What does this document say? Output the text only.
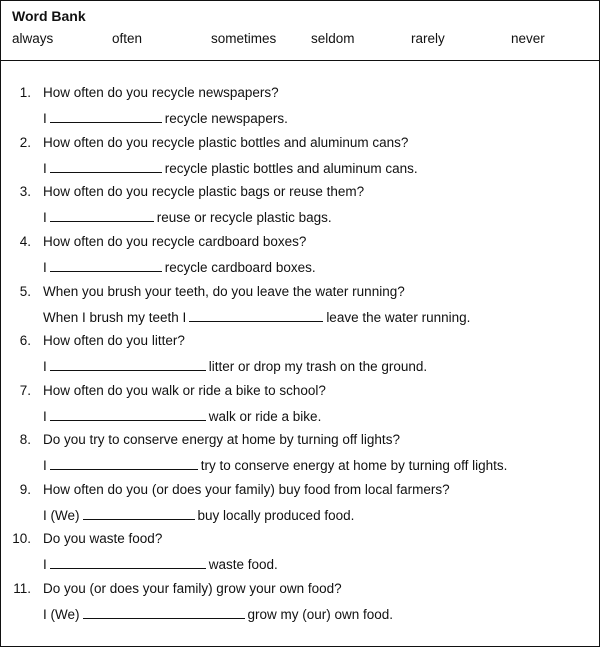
Word Bank
always	often	sometimes	seldom	rarely	never
1. How often do you recycle newspapers?
I	recycle newspapers.
2. How often do you recycle plastic bottles and aluminum cans?
I	recycle plastic bottles and aluminum cans.
3. How often do you recycle plastic bags or reuse them?
I	reuse or recycle plastic bags.
4. How often do you recycle cardboard boxes?
I	recycle cardboard boxes.
5. When you brush your teeth, do you leave the water running?
When I brush my teeth I	leave the water running.
6. How often do you litter?
I	litter or drop my trash on the ground.
7. How often do you walk or ride a bike to school?
I	walk or ride a bike.
8. Do you try to conserve energy at home by turning off lights?
I	try to conserve energy at home by turning off lights.
9. How often do you (or does your family) buy food from local farmers?
I (We)	buy locally produced food.
10. Do you waste food?
I	waste food.
11. Do you (or does your family) grow your own food?
I (We)	grow my (our) own food.
